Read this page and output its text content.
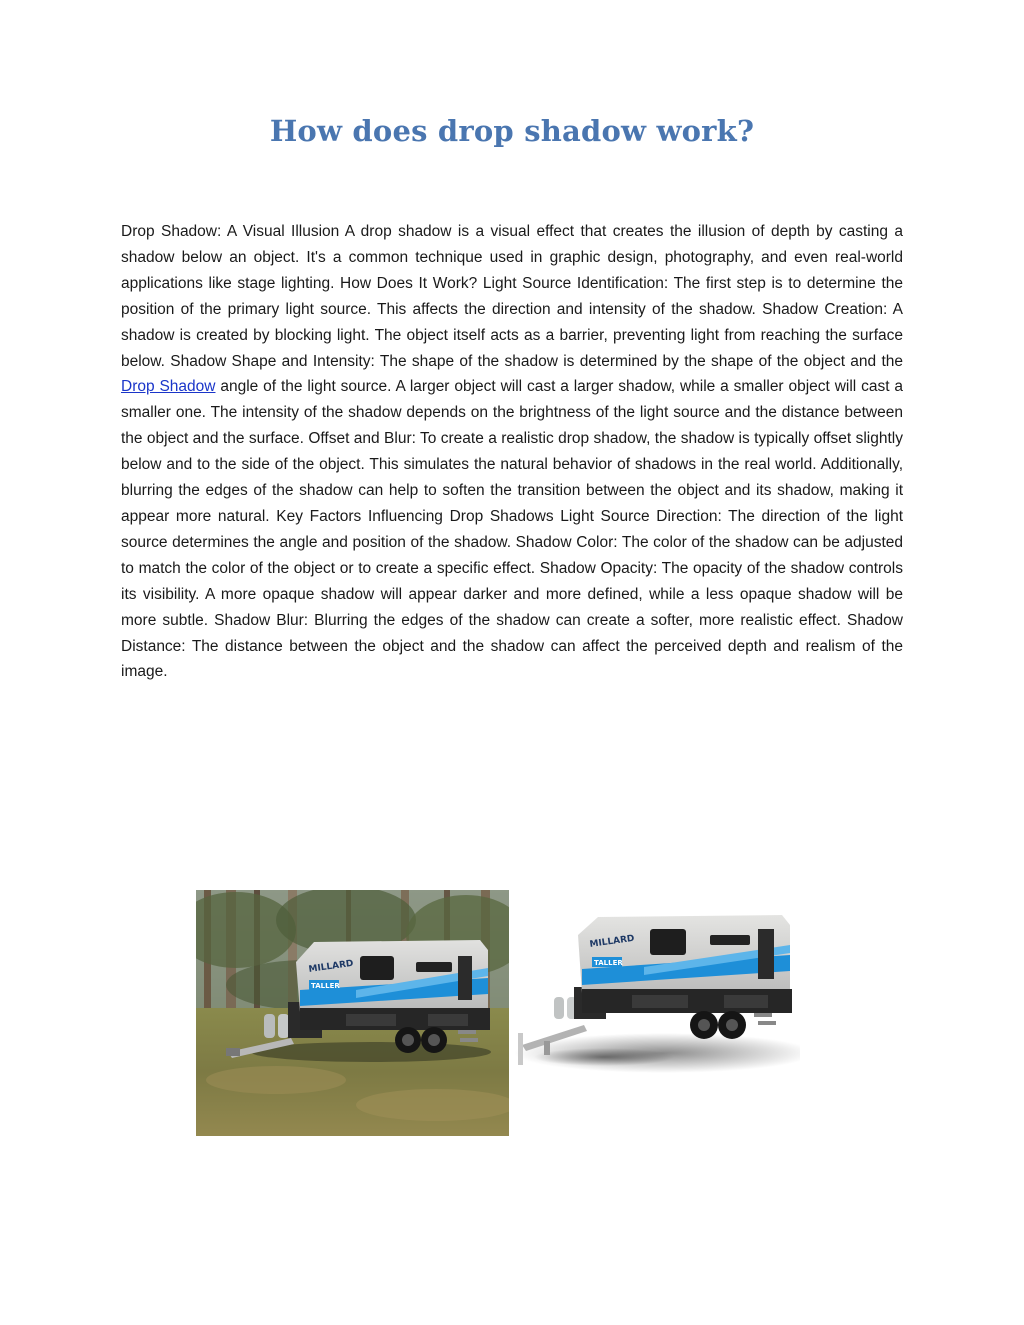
How does drop shadow work?

Drop Shadow: A Visual Illusion A drop shadow is a visual effect that creates the illusion of depth by casting a shadow below an object. It's a common technique used in graphic design, photography, and even real-world applications like stage lighting. How Does It Work? Light Source Identification: The first step is to determine the position of the primary light source. This affects the direction and intensity of the shadow. Shadow Creation: A shadow is created by blocking light. The object itself acts as a barrier, preventing light from reaching the surface below. Shadow Shape and Intensity: The shape of the shadow is determined by the shape of the object and the Drop Shadow angle of the light source. A larger object will cast a larger shadow, while a smaller object will cast a smaller one. The intensity of the shadow depends on the brightness of the light source and the distance between the object and the surface. Offset and Blur: To create a realistic drop shadow, the shadow is typically offset slightly below and to the side of the object. This simulates the natural behavior of shadows in the real world. Additionally, blurring the edges of the shadow can help to soften the transition between the object and its shadow, making it appear more natural. Key Factors Influencing Drop Shadows Light Source Direction: The direction of the light source determines the angle and position of the shadow. Shadow Color: The color of the shadow can be adjusted to match the color of the object or to create a specific effect. Shadow Opacity: The opacity of the shadow controls its visibility. A more opaque shadow will appear darker and more defined, while a less opaque shadow will be more subtle. Shadow Blur: Blurring the edges of the shadow can create a softer, more realistic effect. Shadow Distance: The distance between the object and the shadow can affect the perceived depth and realism of the image.

MILLARD
TALLER
MILLARD
TALLER
